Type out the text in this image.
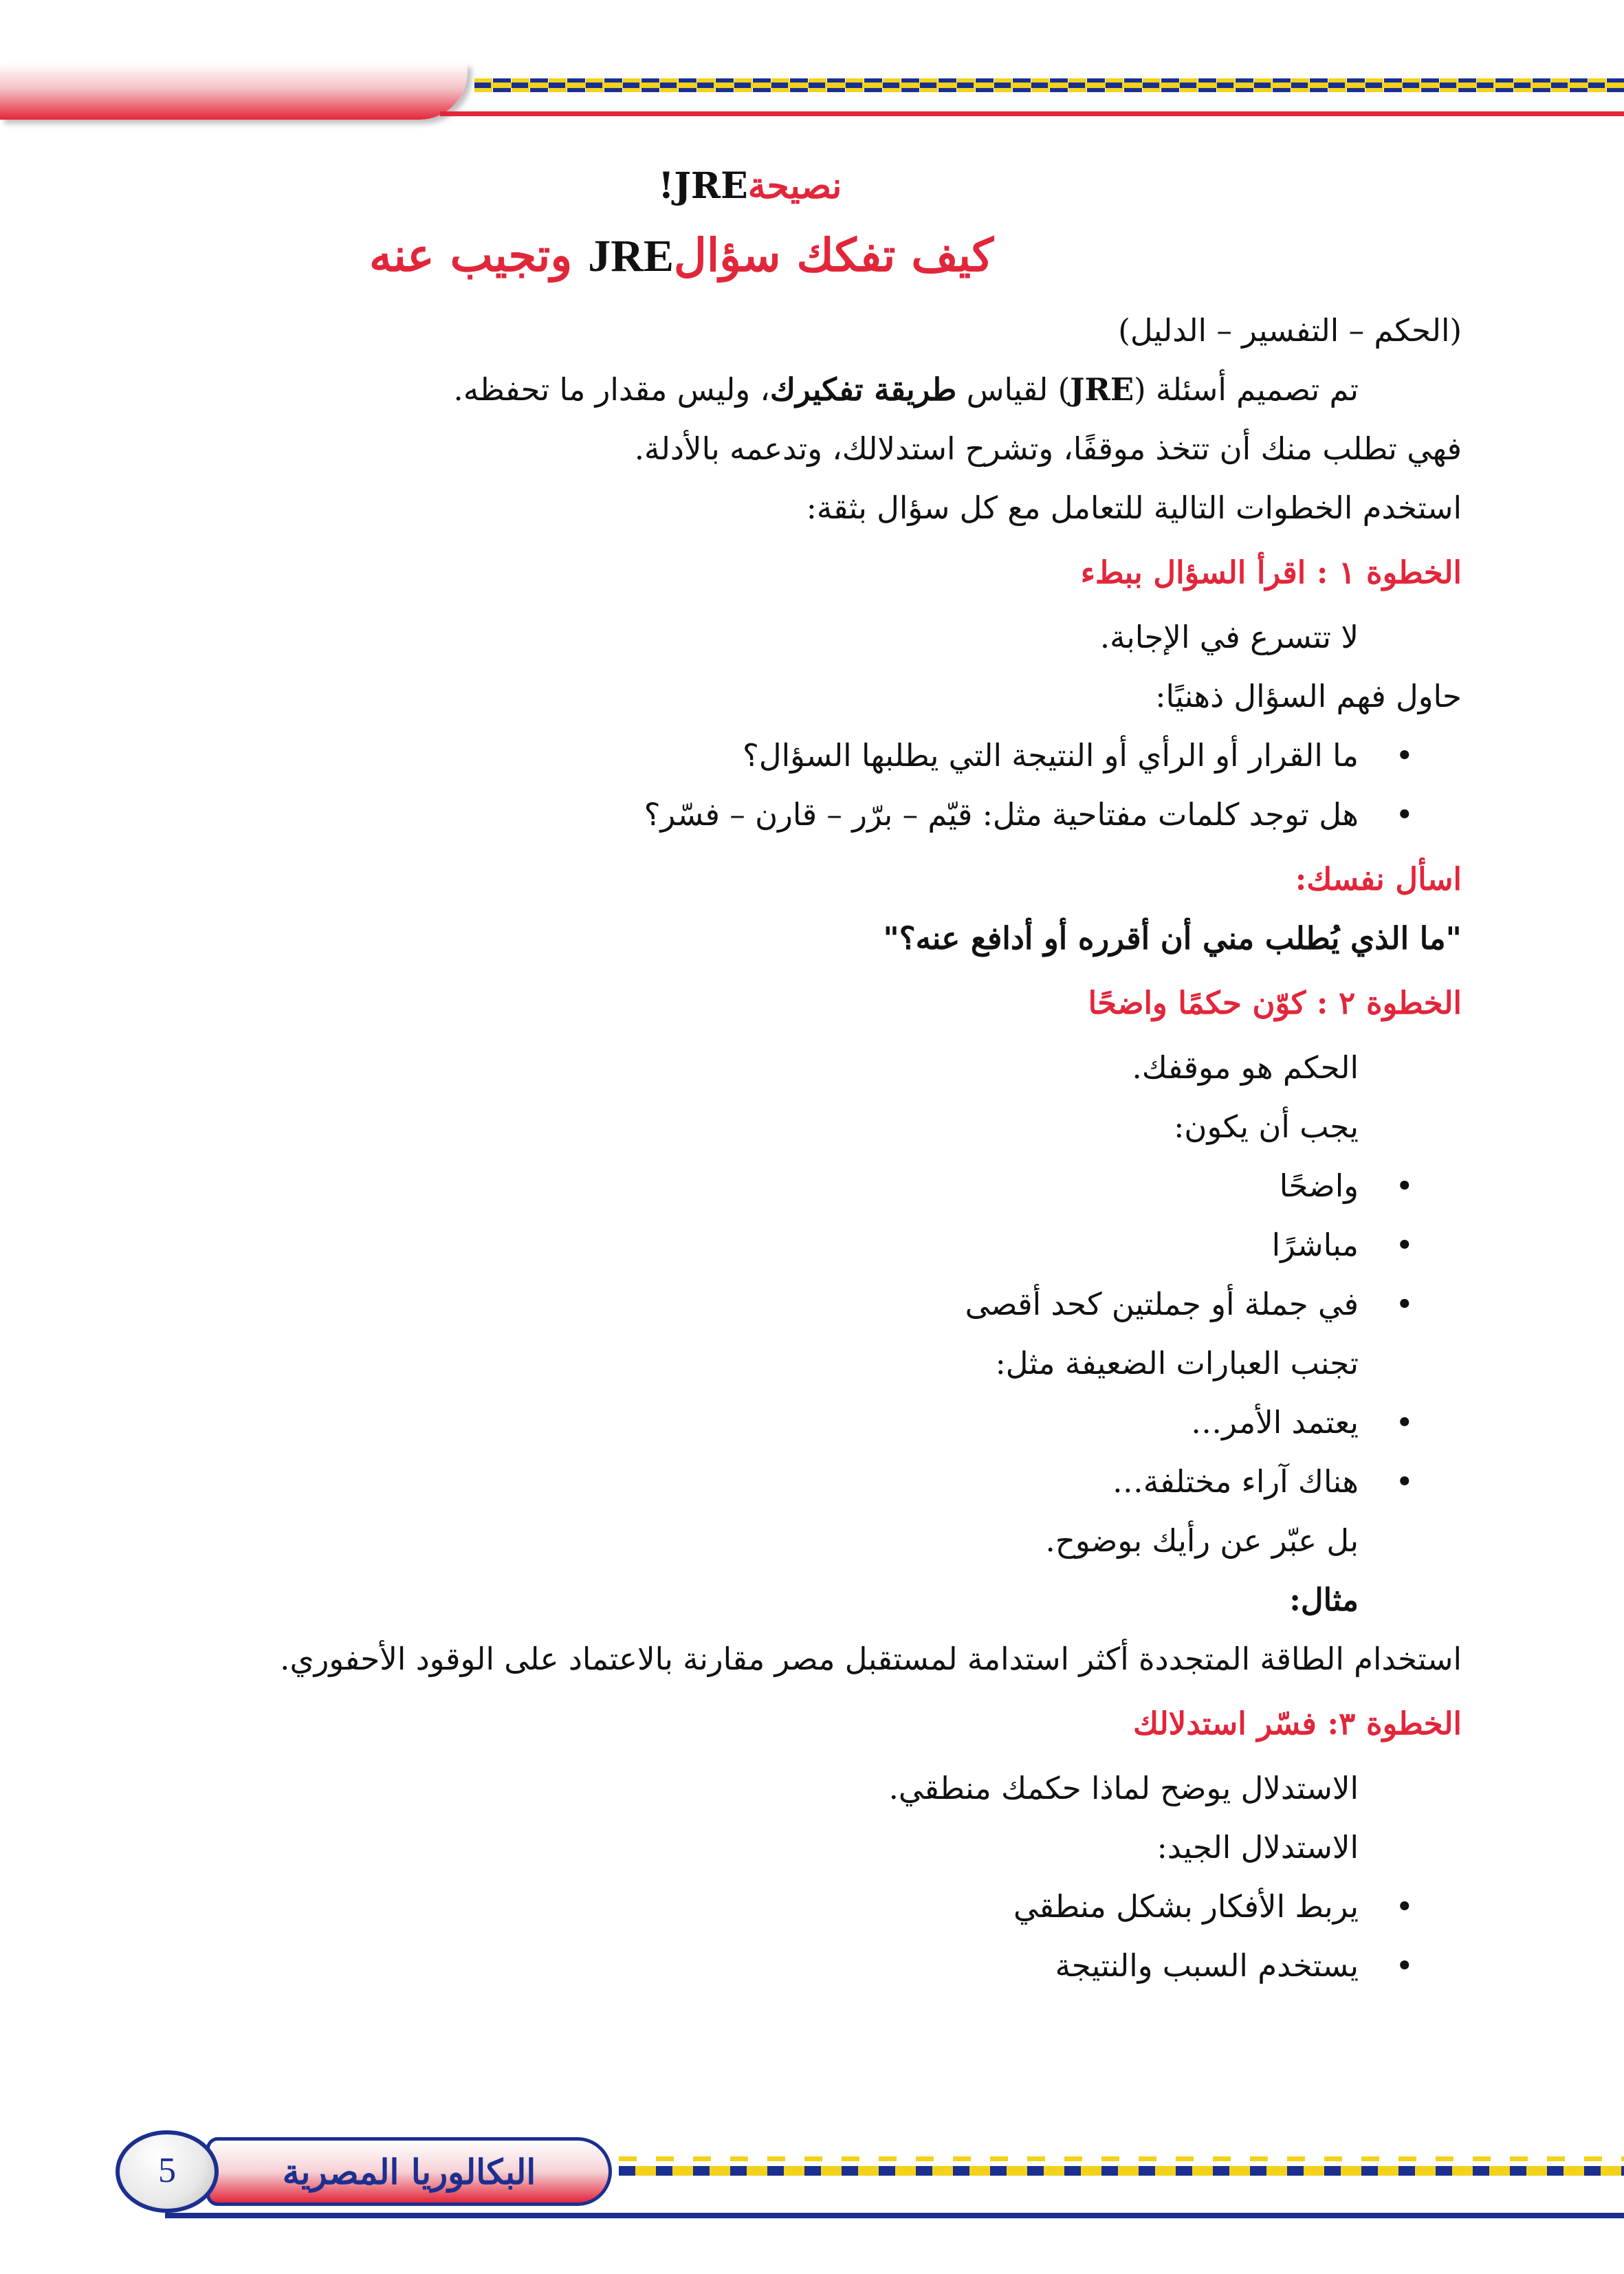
نصيحةJRE!
كيف تفكك سؤالJRE وتجيب عنه

(الحكم – التفسير – الدليل)

تم تصميم أسئلة (JRE) لقياس طريقة تفكيرك، وليس مقدار ما تحفظه.

فهي تطلب منك أن تتخذ موقفًا، وتشرح استدلالك، وتدعمه بالأدلة.

استخدم الخطوات التالية للتعامل مع كل سؤال بثقة:

الخطوة ١ : اقرأ السؤال ببطء

لا تتسرع في الإجابة.

حاول فهم السؤال ذهنيًا:

• ما القرار أو الرأي أو النتيجة التي يطلبها السؤال؟
• هل توجد كلمات مفتاحية مثل: قيّم – برّر – قارن – فسّر؟

اسأل نفسك:

"ما الذي يُطلب مني أن أقرره أو أدافع عنه؟"

الخطوة ٢ : كوّن حكمًا واضحًا

الحكم هو موقفك.

يجب أن يكون:

• واضحًا
• مباشرًا
• في جملة أو جملتين كحد أقصى

تجنب العبارات الضعيفة مثل:

• يعتمد الأمر…
• هناك آراء مختلفة…

بل عبّر عن رأيك بوضوح.

مثال:

استخدام الطاقة المتجددة أكثر استدامة لمستقبل مصر مقارنة بالاعتماد على الوقود الأحفوري.

الخطوة ٣: فسّر استدلالك

الاستدلال يوضح لماذا حكمك منطقي.

الاستدلال الجيد:

• يربط الأفكار بشكل منطقي
• يستخدم السبب والنتيجة
البكالوريا المصرية
5
